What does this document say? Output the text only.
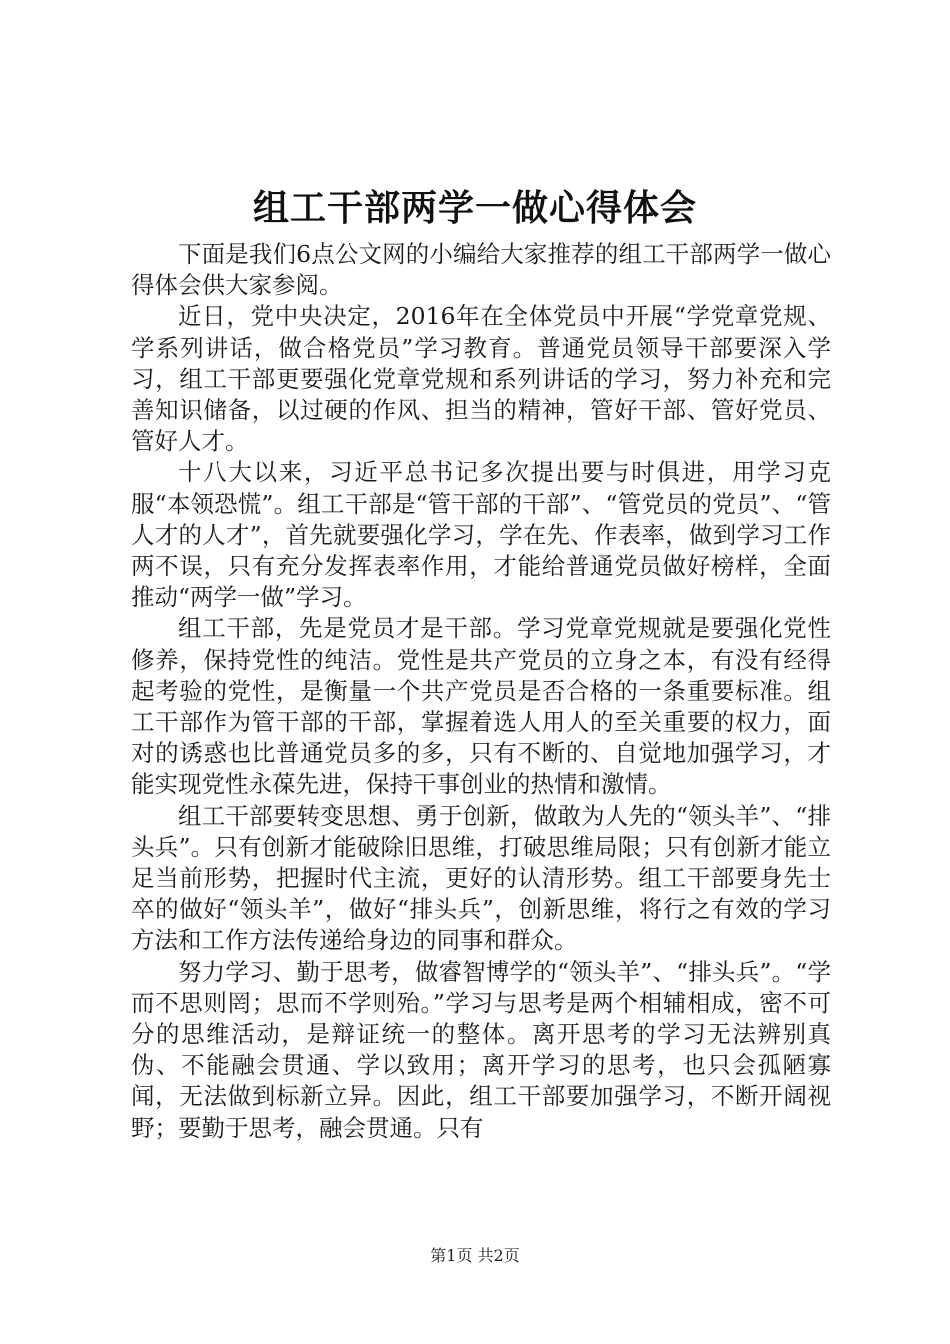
组工干部两学一做心得体会

下面是我们6点公文网的小编给大家推荐的组工干部两学一做心得体会供大家参阅。

近日，党中央决定，2016年在全体党员中开展“学党章党规、学系列讲话，做合格党员”学习教育。普通党员领导干部要深入学习，组工干部更要强化党章党规和系列讲话的学习，努力补充和完善知识储备，以过硬的作风、担当的精神，管好干部、管好党员、管好人才。

十八大以来，习近平总书记多次提出要与时俱进，用学习克服“本领恐慌”。组工干部是“管干部的干部”、“管党员的党员”、“管人才的人才”，首先就要强化学习，学在先、作表率，做到学习工作两不误，只有充分发挥表率作用，才能给普通党员做好榜样，全面推动“两学一做”学习。

组工干部，先是党员才是干部。学习党章党规就是要强化党性修养，保持党性的纯洁。党性是共产党员的立身之本，有没有经得起考验的党性，是衡量一个共产党员是否合格的一条重要标准。组工干部作为管干部的干部，掌握着选人用人的至关重要的权力，面对的诱惑也比普通党员多的多，只有不断的、自觉地加强学习，才能实现党性永葆先进，保持干事创业的热情和激情。

组工干部要转变思想、勇于创新，做敢为人先的“领头羊”、“排头兵”。只有创新才能破除旧思维，打破思维局限；只有创新才能立足当前形势，把握时代主流，更好的认清形势。组工干部要身先士卒的做好“领头羊”，做好“排头兵”，创新思维，将行之有效的学习方法和工作方法传递给身边的同事和群众。

努力学习、勤于思考，做睿智博学的“领头羊”、“排头兵”。“学而不思则罔；思而不学则殆。”学习与思考是两个相辅相成，密不可分的思维活动，是辩证统一的整体。离开思考的学习无法辨别真伪、不能融会贯通、学以致用；离开学习的思考，也只会孤陋寡闻，无法做到标新立异。因此，组工干部要加强学习，不断开阔视野；要勤于思考，融会贯通。只有

第1页 共2页
